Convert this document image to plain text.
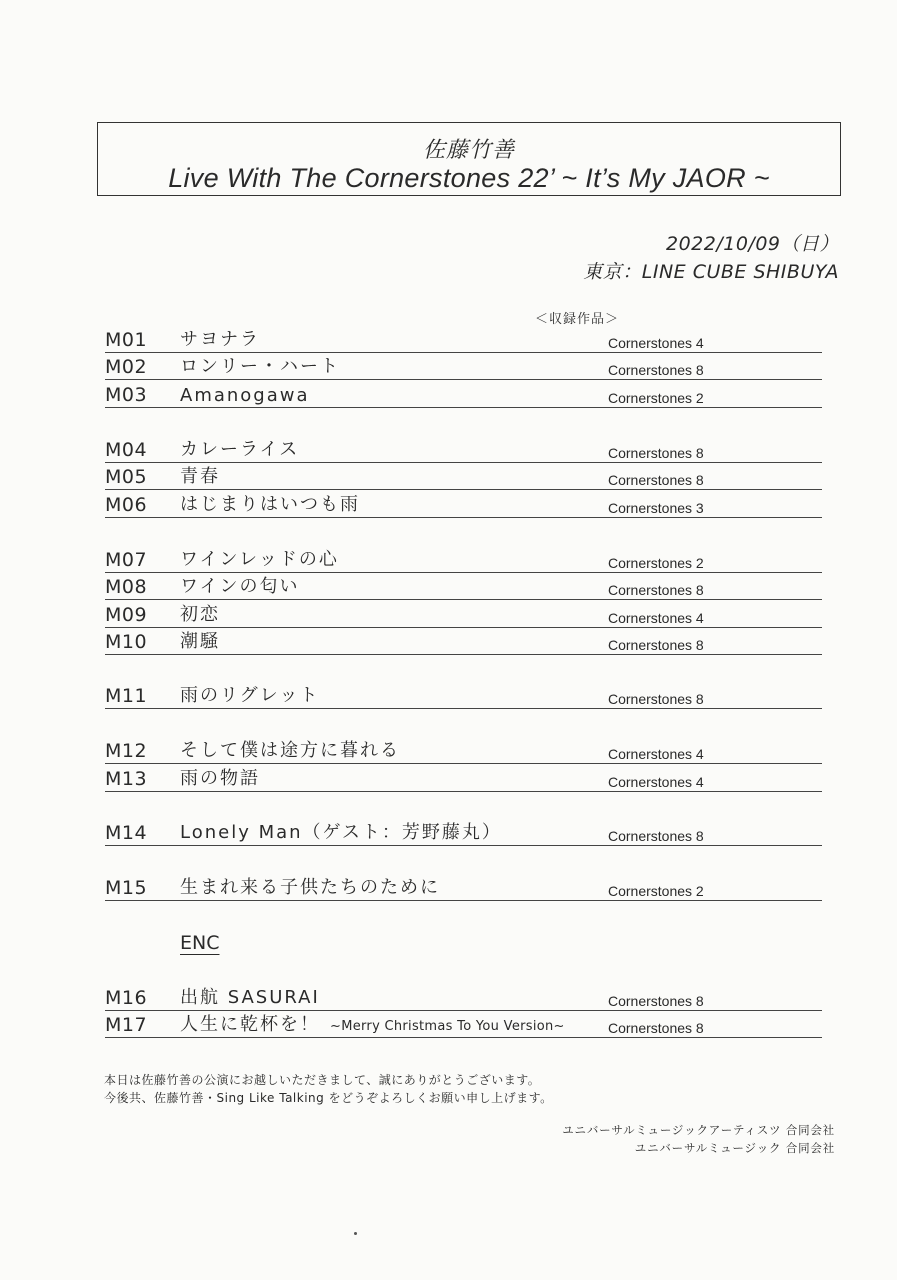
佐藤竹善
Live With The Cornerstones 22’ ~ It’s My JAOR ~
2022/10/09（日）
東京：LINE CUBE SHIBUYA
＜収録作品＞
M01 サヨナラ	Cornerstones 4
M02 ロンリー・ハート	Cornerstones 8
M03 Amanogawa	Cornerstones 2
M04 カレーライス	Cornerstones 8
M05 青春	Cornerstones 8
M06 はじまりはいつも雨	Cornerstones 3
M07 ワインレッドの心	Cornerstones 2
M08 ワインの匂い	Cornerstones 8
M09 初恋	Cornerstones 4
M10 潮騒	Cornerstones 8
M11 雨のリグレット	Cornerstones 8
M12 そして僕は途方に暮れる	Cornerstones 4
M13 雨の物語	Cornerstones 4
M14 Lonely Man（ゲスト：芳野藤丸）	Cornerstones 8
M15 生まれ来る子供たちのために	Cornerstones 2
ENC
M16 出航 SASURAI	Cornerstones 8
M17 人生に乾杯を！ ~Merry Christmas To You Version~	Cornerstones 8
本日は佐藤竹善の公演にお越しいただきまして、誠にありがとうございます。
今後共、佐藤竹善・Sing Like Talking をどうぞよろしくお願い申し上げます。
ユニバーサルミュージックアーティスツ 合同会社
ユニバーサルミュージック 合同会社
